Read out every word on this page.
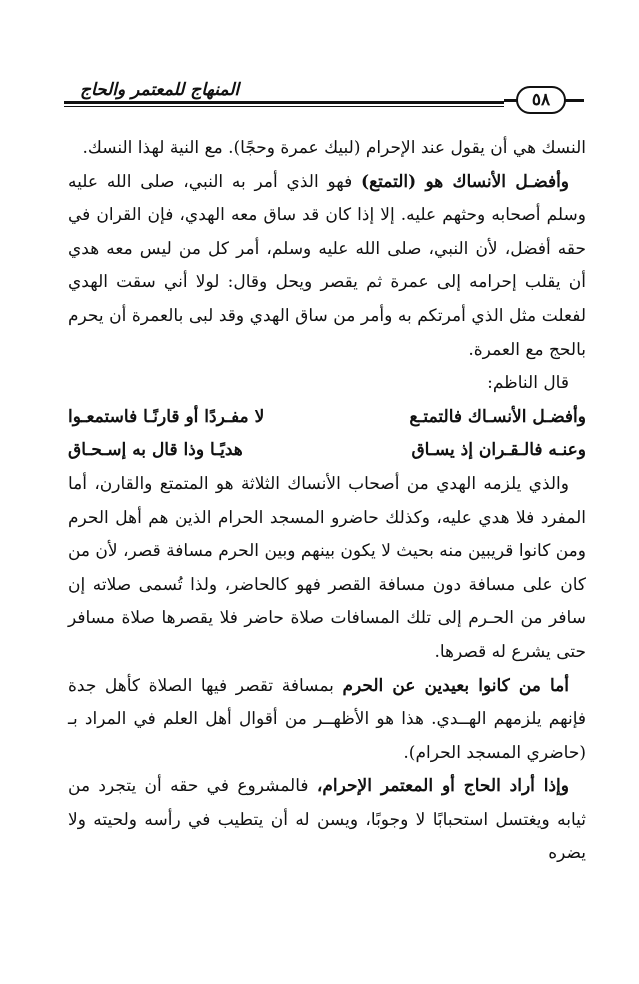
المنهاج للمعتمر والحاج	٥٨

النسك هي أن يقول عند الإحرام (لبيك عمرة وحجًا). مع النية لهذا النسك.

 وأفضـل الأنساك هو (التمتع) فهو الذي أمر به النبي، صلى الله عليه وسلم أصحابه وحثهم عليه. إلا إذا كان قد ساق معه الهدي، فإن القران في حقه أفضل، لأن النبي، صلى الله عليه وسلم، أمر كل من ليس معه هدي أن يقلب إحرامه إلى عمرة ثم يقصر ويحل وقال: لولا أني سقت الهدي لفعلت مثل الذي أمرتكم به وأمر من ساق الهدي وقد لبى بالعمرة أن يحرم بالحج مع العمرة.

 قال الناظم:

وأفضـل الأنسـاك فالتمتـع
لا مفـردًا أو قارنًـا فاستمعـوا
وعنـه فالـقـران إذ يسـاق
هديًـا وذا قال به إسـحـاق

 والذي يلزمه الهدي من أصحاب الأنساك الثلاثة هو المتمتع والقارن، أما المفرد فلا هدي عليه، وكذلك حاضرو المسجد الحرام الذين هم أهل الحرم ومن كانوا قريبين منه بحيث لا يكون بينهم وبين الحرم مسافة قصر، لأن من كان على مسافة دون مسافة القصر فهو كالحاضر، ولذا تُسمى صلاته إن سافر من الحـرم إلى تلك المسافات صلاة حاضر فلا يقصرها صلاة مسافر حتى يشرع له قصرها.

 أما من كانوا بعيدين عن الحرم بمسافة تقصر فيها الصلاة كأهل جدة فإنهم يلزمهم الهــدي. هذا هو الأظهــر من أقوال أهل العلم في المراد بـ (حاضري المسجد الحرام).

 وإذا أراد الحاج أو المعتمر الإحرام، فالمشروع في حقه أن يتجرد من ثيابه ويغتسل استحبابًا لا وجوبًا، ويسن له أن يتطيب في رأسه ولحيته ولا يضره
